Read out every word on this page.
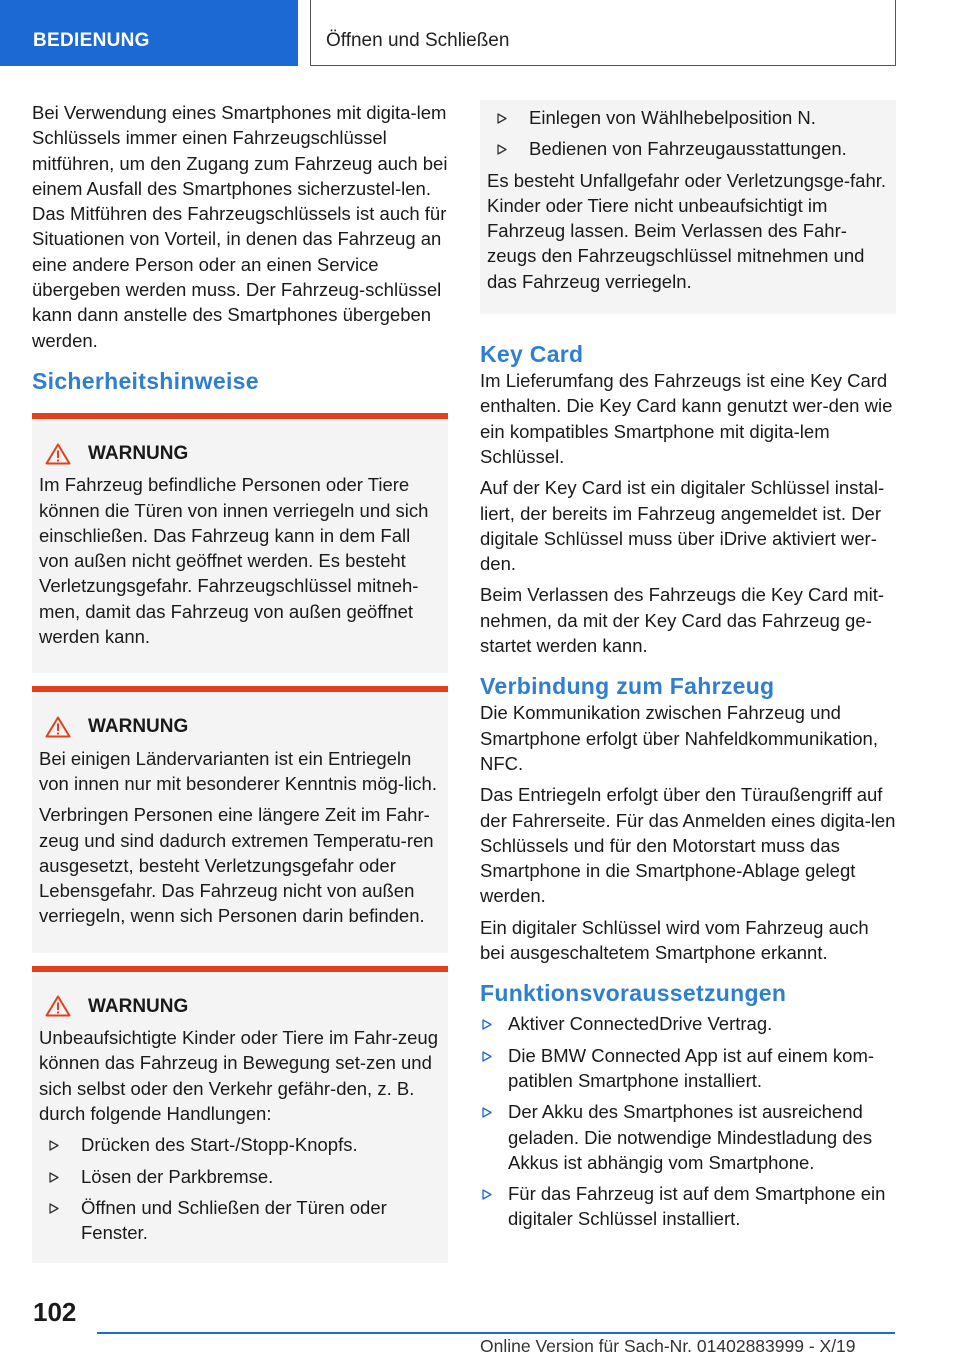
BEDIENUNG	Öffnen und Schließen

Bei Verwendung eines Smartphones mit digita-lem Schlüssels immer einen Fahrzeugschlüssel mitführen, um den Zugang zum Fahrzeug auch bei einem Ausfall des Smartphones sicherzustel-len. Das Mitführen des Fahrzeugschlüssels ist auch für Situationen von Vorteil, in denen das Fahrzeug an eine andere Person oder an einen Service übergeben werden muss. Der Fahrzeug-schlüssel kann dann anstelle des Smartphones übergeben werden.

Sicherheitshinweise
WARNUNG

Im Fahrzeug befindliche Personen oder Tiere können die Türen von innen verriegeln und sich einschließen. Das Fahrzeug kann in dem Fall von außen nicht geöffnet werden. Es besteht Verletzungsgefahr. Fahrzeugschlüssel mitneh-men, damit das Fahrzeug von außen geöffnet werden kann.

WARNUNG

Bei einigen Ländervarianten ist ein Entriegeln von innen nur mit besonderer Kenntnis mög-lich.

Verbringen Personen eine längere Zeit im Fahr-zeug und sind dadurch extremen Temperatu-ren ausgesetzt, besteht Verletzungsgefahr oder Lebensgefahr. Das Fahrzeug nicht von außen verriegeln, wenn sich Personen darin befinden.

WARNUNG

Unbeaufsichtigte Kinder oder Tiere im Fahr-zeug können das Fahrzeug in Bewegung set-zen und sich selbst oder den Verkehr gefähr-den, z. B. durch folgende Handlungen:

Drücken des Start-/Stopp-Knopfs.
Lösen der Parkbremse.
Öffnen und Schließen der Türen oder Fenster.
Einlegen von Wählhebelposition N.
Bedienen von Fahrzeugausstattungen.

Es besteht Unfallgefahr oder Verletzungsge-fahr. Kinder oder Tiere nicht unbeaufsichtigt im Fahrzeug lassen. Beim Verlassen des Fahr-zeugs den Fahrzeugschlüssel mitnehmen und das Fahrzeug verriegeln.

Key Card

Im Lieferumfang des Fahrzeugs ist eine Key Card enthalten. Die Key Card kann genutzt wer-den wie ein kompatibles Smartphone mit digita-lem Schlüssel.

Auf der Key Card ist ein digitaler Schlüssel instal-liert, der bereits im Fahrzeug angemeldet ist. Der digitale Schlüssel muss über iDrive aktiviert wer-den.

Beim Verlassen des Fahrzeugs die Key Card mit-nehmen, da mit der Key Card das Fahrzeug ge-startet werden kann.

Verbindung zum Fahrzeug

Die Kommunikation zwischen Fahrzeug und Smartphone erfolgt über Nahfeldkommunikation, NFC.

Das Entriegeln erfolgt über den Türaußengriff auf der Fahrerseite. Für das Anmelden eines digita-len Schlüssels und für den Motorstart muss das Smartphone in die Smartphone-Ablage gelegt werden.

Ein digitaler Schlüssel wird vom Fahrzeug auch bei ausgeschaltetem Smartphone erkannt.

Funktionsvoraussetzungen
Aktiver ConnectedDrive Vertrag.
Die BMW Connected App ist auf einem kom-patiblen Smartphone installiert.
Der Akku des Smartphones ist ausreichend geladen. Die notwendige Mindestladung des Akkus ist abhängig vom Smartphone.
Für das Fahrzeug ist auf dem Smartphone ein digitaler Schlüssel installiert.
102
Online Version für Sach-Nr. 01402883999 - X/19
